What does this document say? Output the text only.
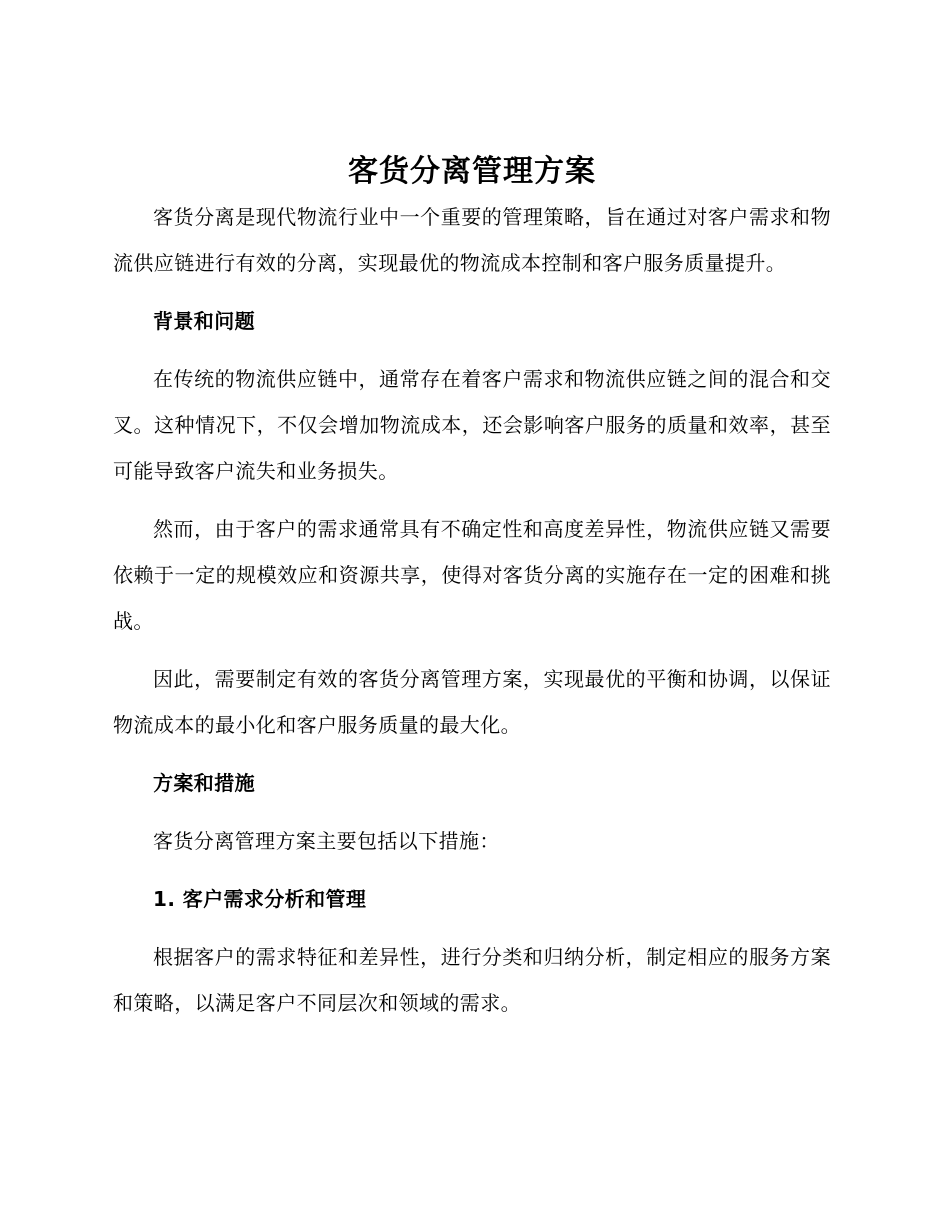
客货分离管理方案

客货分离是现代物流行业中一个重要的管理策略，旨在通过对客户需求和物流供应链进行有效的分离，实现最优的物流成本控制和客户服务质量提升。

背景和问题

在传统的物流供应链中，通常存在着客户需求和物流供应链之间的混合和交叉。这种情况下，不仅会增加物流成本，还会影响客户服务的质量和效率，甚至可能导致客户流失和业务损失。

然而，由于客户的需求通常具有不确定性和高度差异性，物流供应链又需要依赖于一定的规模效应和资源共享，使得对客货分离的实施存在一定的困难和挑战。

因此，需要制定有效的客货分离管理方案，实现最优的平衡和协调，以保证物流成本的最小化和客户服务质量的最大化。

方案和措施

客货分离管理方案主要包括以下措施：

1. 客户需求分析和管理

根据客户的需求特征和差异性，进行分类和归纳分析，制定相应的服务方案和策略，以满足客户不同层次和领域的需求。
